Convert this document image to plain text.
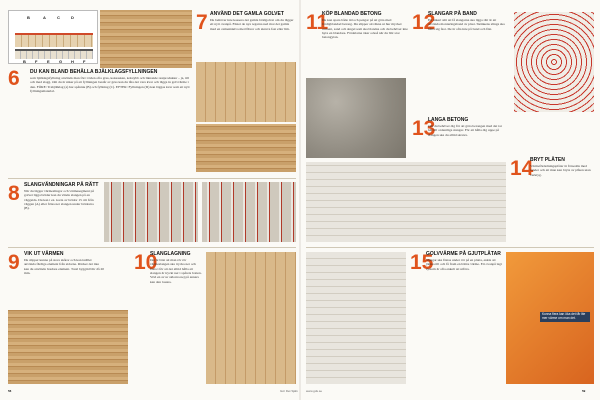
B	A	C	D
B F E G H F
6 DU KAN BLAND BEHÅLLA BJÄLKLAGSFYLLNINGEN
som bjälklagsfyllning används man förr i tiden ofta grus, koksaskan, kolstybb och liknande restprodukter – ja, till och med slagg. Om du är säker på att fyllningen består av grus kan du låta det vara kvar och lägga in golvvärme i den. FÖRE: Trabjälklag (a) har spåntak (B) och fyllning (C). EFTER: Fyllningen (D) kan läggas kvar som ett nytt fyllningsmaterial.
7 ANVÄND DET GAMLA GOLVET
Du behöver inte kassera det gamla brädgolvet om du lägger ett nytt ovanpå. Fästet de nya regarna ned mot det gamla med en cementskiva med fibrer och skruva fast eller lim.
8 SLANGVÄNDNINGAR PÅ RÄTT
När du lägger värmeslingor och värmesegment på golvet ligga bräder kan du vända slangen på en väggsida. Du kan t ex. korta av brädor 15 cm från väggen (A) eller fräsa ner slangen under brädorna (B).
9 VIK UT VÄRMEN
Du slipper kunna på stora skåror och kan istället använda färdiga element från sidorna. Räcker det inte kan du använda bredare element. Total byggtid blir då 20 min.	10
SLANGLAGNING
Det är bäst att man rör rör värmeslangen ska trycka ner och fästa i för att det alltid hålla att slangen är tryckt ner i spårets botten. Vrid en av ur sidorna nej på annars kan den lossna.
56	Gör Det Själv
11
KÖP BLANDAD BETONG
Du kan spara både tid och pengar på att göra med färdigblandad betong. Du slipper att räkna ut hur mycket cement, sand och singel som ska blandas och du behöver inte hyra en blandare. Fördelarna ökar också när du blir stor betongytan.
12
SLANGAR PÅ BAND
Ett säkert sätt att få slangarna ska ligga rätt är att använda monteringsband av plast. Skänkens slinga ska hålla sig fast. De är ofta inte på band och fäst.
13
LANGA BETONG
Om du behöver dig för att göra betongen med det tar här till ordentliga slangar. För att hålla dig uppe på slangen ska du alltid skruva.
14
BRYT PLÅTEN
Värmefördelningsplåtar är försedda med rander och att man kan bryta av plåten utan verktyg.
15
GOLVVÄRME PÅ GJUTPLÅTAR
Slangar ska fästas under rör på en platta, enkla att jämna till och få fram en bättre värme. Ett ovanpå lagt system är ofta enkelt att utföra.
Kunna flera kan öka det får lite mer värme om man det.
www.gds.se	59
